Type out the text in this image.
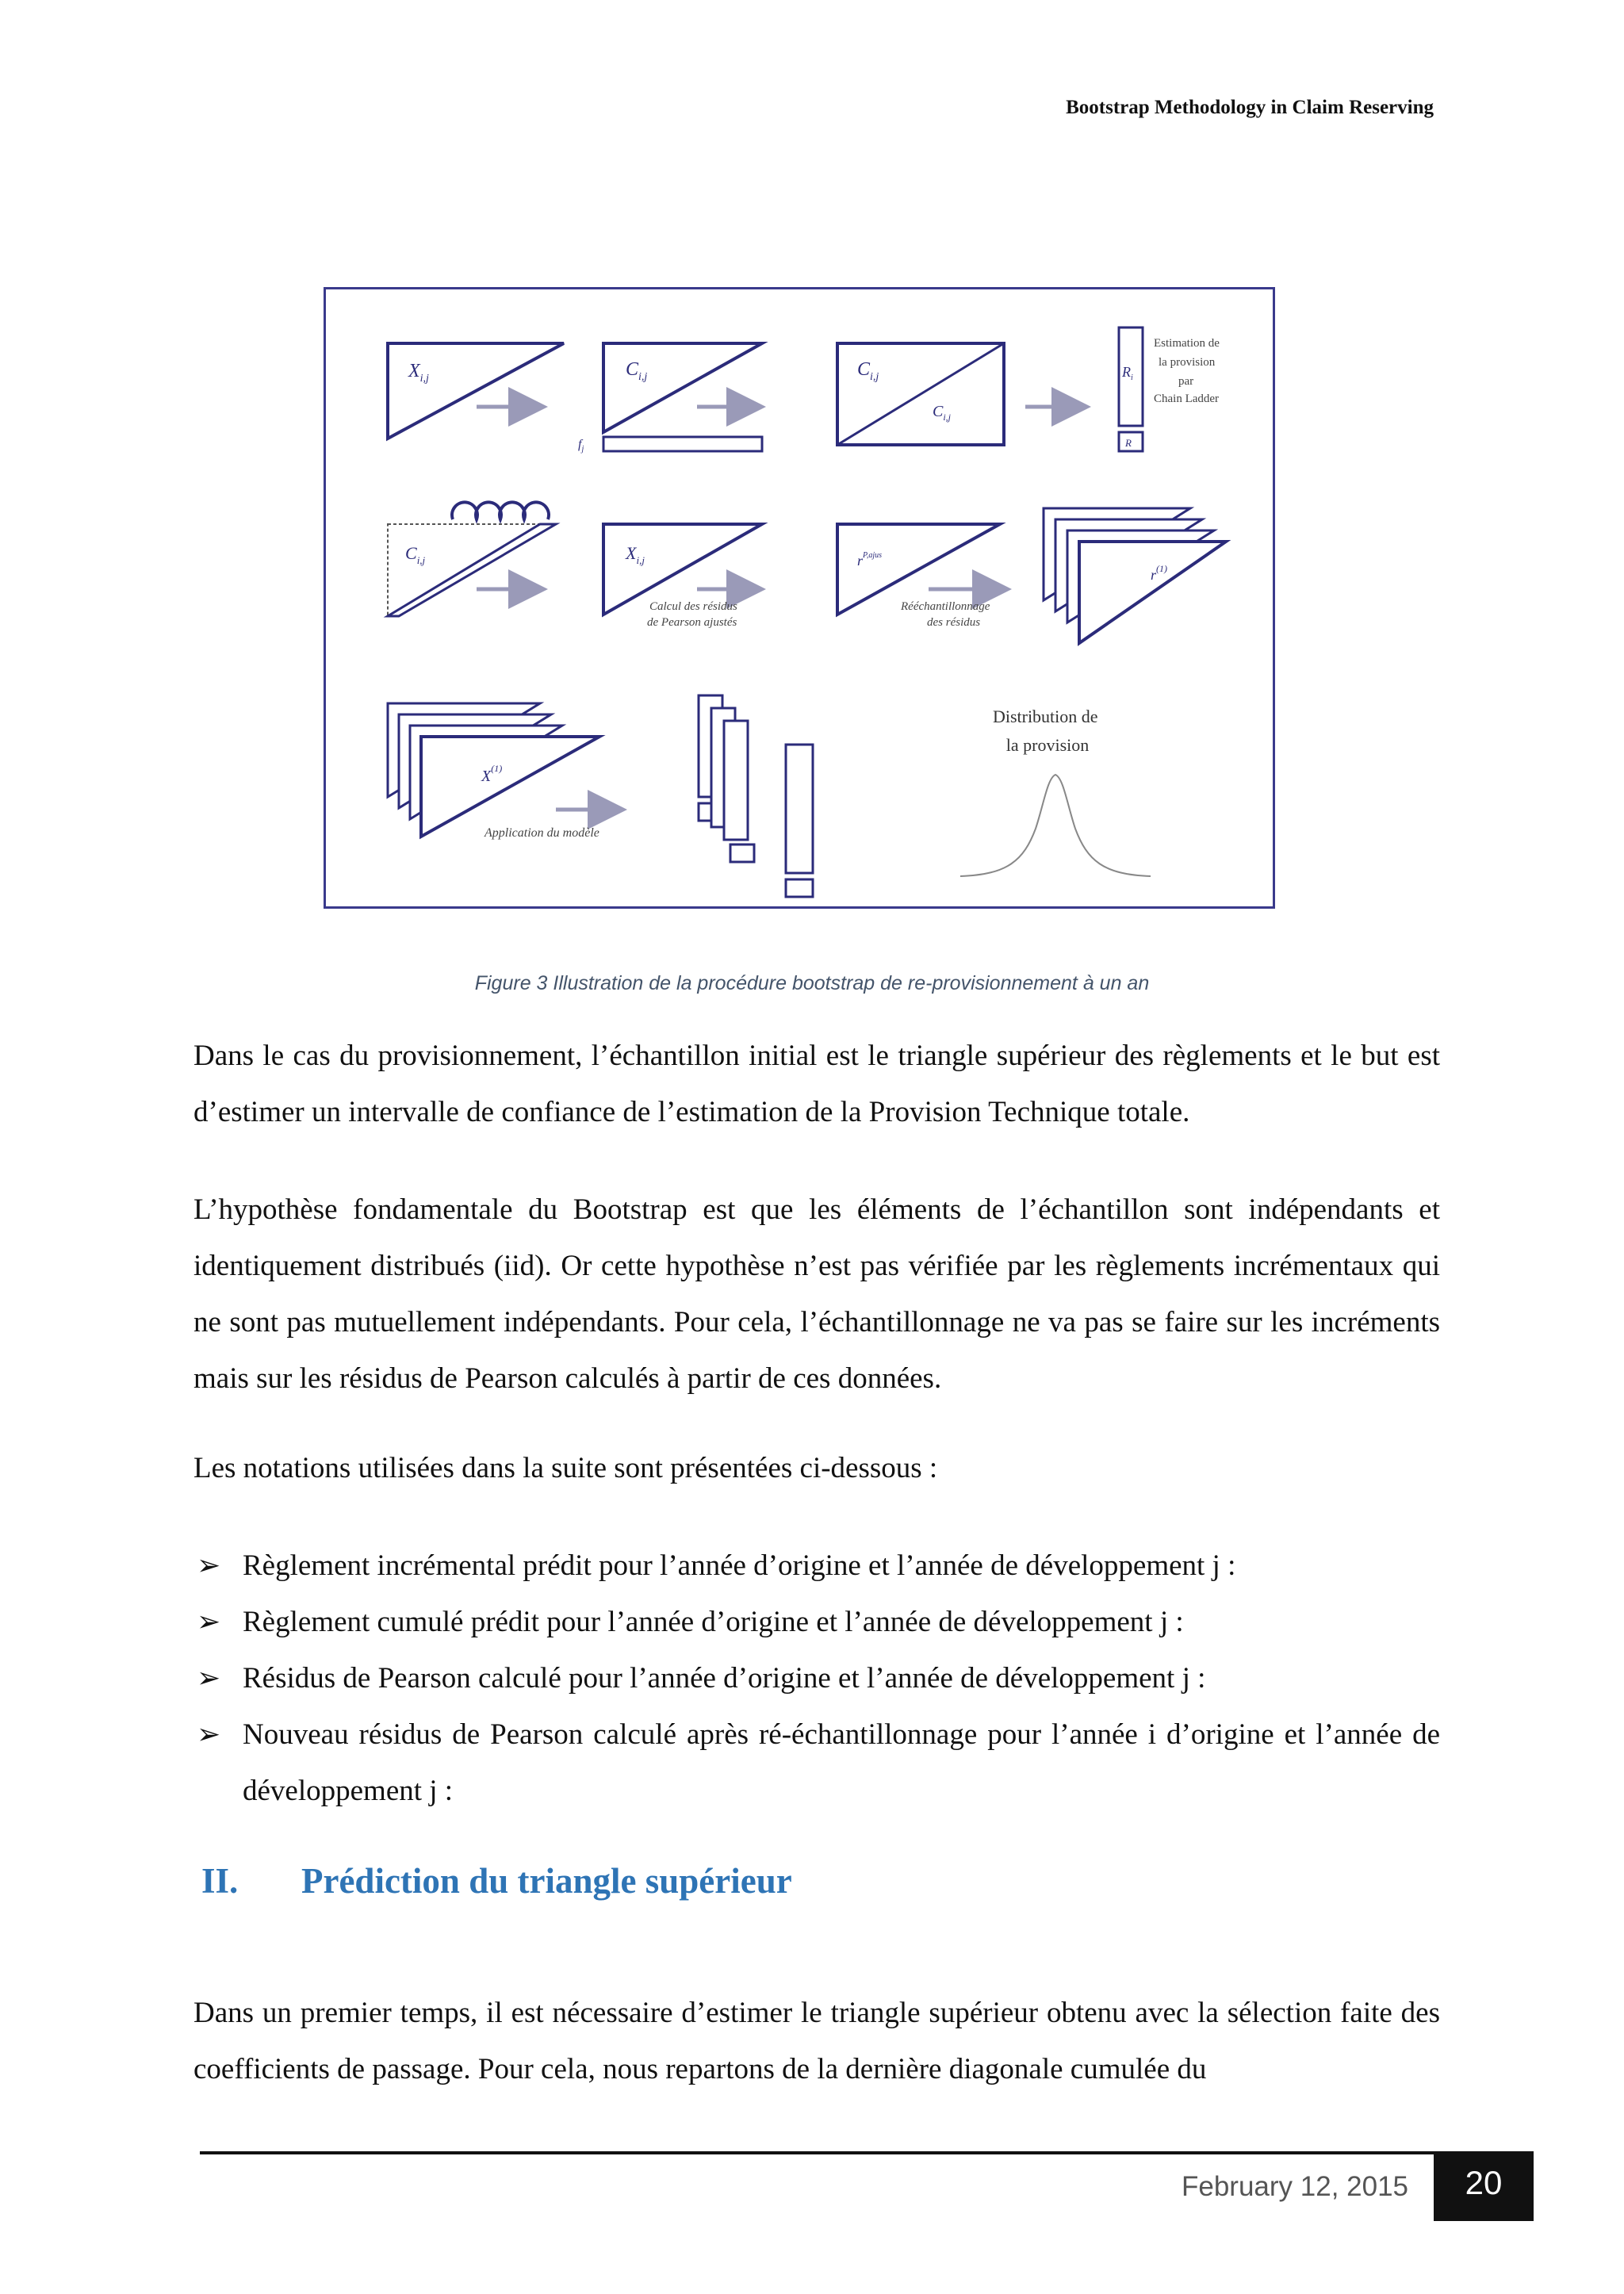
Bootstrap Methodology in Claim Reserving
$X_{i,j}$	$C_{i,j}$
$f_j$
$C_{i,j}$
$C_{i,j}$
$R_i$
R
Estimation de la provision par Chain Ladder
$C_{i,j}$	$X_{i,j}$
Calcul des résidus de Pearson ajustés
$r^{P,ajus}$
Rééchantillonnage des résidus
$r^{(1)}$
$X^{(1)}$
Application du modèle
Distribution de la provision
Figure 3 Illustration de la procédure bootstrap de re-provisionnement à un an

Dans le cas du provisionnement, l’échantillon initial est le triangle supérieur des règlements et le but est d’estimer un intervalle de confiance de l’estimation de la Provision Technique totale.

L’hypothèse fondamentale du Bootstrap est que les éléments de l’échantillon sont indépendants et identiquement distribués (iid). Or cette hypothèse n’est pas vérifiée par les règlements incrémentaux qui ne sont pas mutuellement indépendants. Pour cela, l’échantillonnage ne va pas se faire sur les incréments mais sur les résidus de Pearson calculés à partir de ces données.

Les notations utilisées dans la suite sont présentées ci-dessous :

➢ Règlement incrémental prédit pour l’année d’origine et l’année de développement j :
➢ Règlement cumulé prédit pour l’année d’origine et l’année de développement j :
➢ Résidus de Pearson calculé pour l’année d’origine et l’année de développement j :
➢ Nouveau résidus de Pearson calculé après ré-échantillonnage pour l’année i d’origine et l’année de développement j :
II. Prédiction du triangle supérieur

Dans un premier temps, il est nécessaire d’estimer le triangle supérieur obtenu avec la sélection faite des coefficients de passage. Pour cela, nous repartons de la dernière diagonale cumulée du

February 12, 2015	20
